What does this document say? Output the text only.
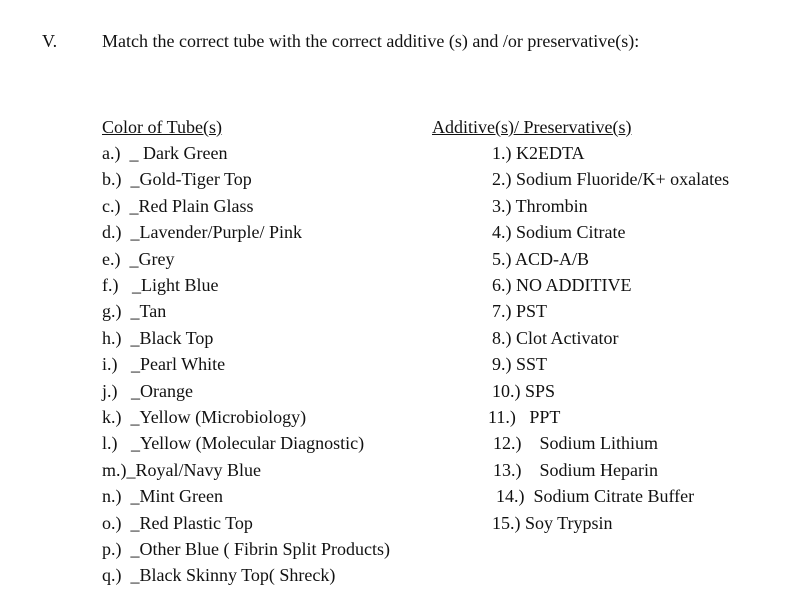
V. Match the correct tube with the correct additive (s) and /or preservative(s):
Color of Tube(s)	Additive(s)/ Preservative(s)
a.)  _ Dark Green
b.)  _Gold-Tiger Top
c.)  _Red Plain Glass
d.)  _Lavender/Purple/ Pink
e.)  _Grey
f.)   _Light Blue
g.)  _Tan
h.)  _Black Top
i.)   _Pearl White
j.)   _Orange
k.)  _Yellow (Microbiology)
l.)   _Yellow (Molecular Diagnostic)
m.)_Royal/Navy Blue
n.)  _Mint Green
o.)  _Red Plastic Top
p.)  _Other Blue ( Fibrin Split Products)
q.)  _Black Skinny Top( Shreck)
1.) K2EDTA
2.) Sodium Fluoride/K+ oxalates
3.) Thrombin
4.) Sodium Citrate
5.) ACD-A/B
6.) NO ADDITIVE
7.) PST
8.) Clot Activator
9.) SST
10.) SPS
11.)   PPT
12.)    Sodium Lithium
13.)    Sodium Heparin
14.)  Sodium Citrate Buffer
15.) Soy Trypsin
